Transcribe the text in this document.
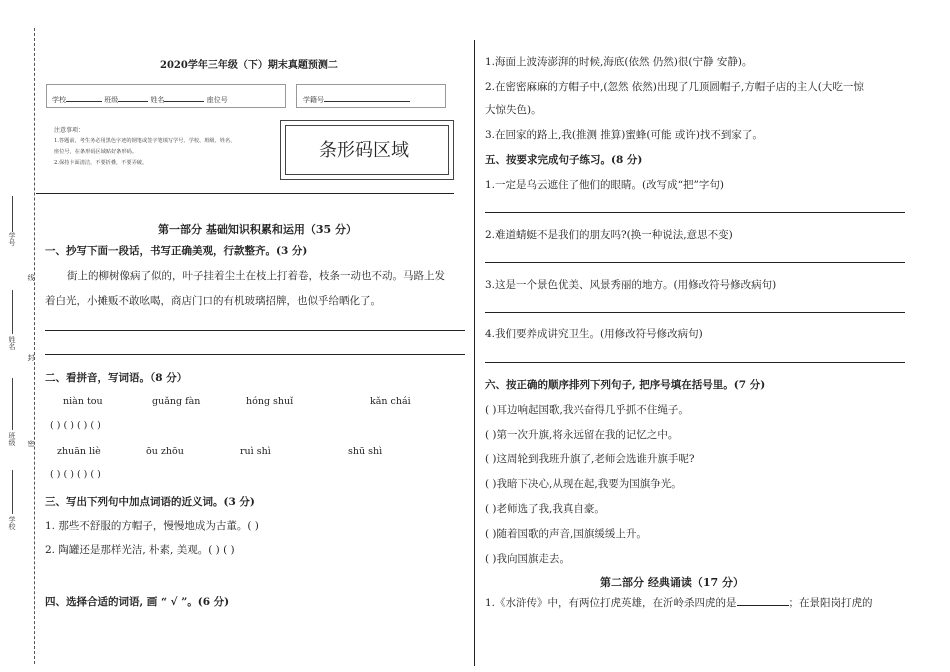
学号
线
姓名
封
班级 密
学校
2020学年三年级（下）期末真题预测二
学校	班级	姓名	座位号	学籍号
注意事项：
1.答题前，考生务必用黑色字迹的钢笔或签字笔填写学号、学校、班级、姓名、
座位号，在条形码区域贴好条形码。
2.保持卡面清洁，不要折叠，不要弄破。
条形码区域
第一部分 基础知识积累和运用（35 分）
一、抄写下面一段话，书写正确美观，行款整齐。(3 分)
街上的柳树像病了似的，叶子挂着尘土在枝上打着卷，枝条一动也不动。马路上发
着白光，小摊贩不敢吆喝，商店门口的有机玻璃招牌，也似乎给晒化了。
二、看拼音，写词语。（8 分）
niàn tou	guǎng fàn	hóng shuǐ	kǎn chái
( ) ( ) ( ) ( )
zhuān liè	ōu zhōu	ruì shì	shū shì
( ) ( ) ( ) ( )
三、写出下列句中加点词语的近义词。(3 分)
1. 那些不舒服的方帽子，慢慢地成为古董。( )
2. 陶罐还是那样光洁, 朴素, 美观。( ) ( )
四、选择合适的词语, 画 “ √ ”。(6 分)
1.海面上波涛澎湃的时候,海底(依然 仍然)很(宁静 安静)。
2.在密密麻麻的方帽子中,(忽然 依然)出现了几顶圆帽子,方帽子店的主人(大吃一惊
大惊失色)。
3.在回家的路上,我(推测 推算)蜜蜂(可能 或许)找不到家了。
五、按要求完成句子练习。(8 分)
1.一定是乌云遮住了他们的眼睛。(改写成“把”字句)
2.难道蜻蜓不是我们的朋友吗?(换一种说法,意思不变)
3.这是一个景色优美、风景秀丽的地方。(用修改符号修改病句)
4.我们要养成讲究卫生。(用修改符号修改病句)
六、按正确的顺序排列下列句子, 把序号填在括号里。(7 分)
( )耳边响起国歌,我兴奋得几乎抓不住绳子。
( )第一次升旗,将永远留在我的记忆之中。
( )这周轮到我班升旗了,老师会选谁升旗手呢?
( )我暗下决心,从现在起,我要为国旗争光。
( )老师选了我,我真自豪。
( )随着国歌的声音,国旗缓缓上升。
( )我向国旗走去。
第二部分 经典诵读（17 分）
1.《水浒传》中，有两位打虎英雄，在沂岭杀四虎的是	；在景阳岗打虎的
